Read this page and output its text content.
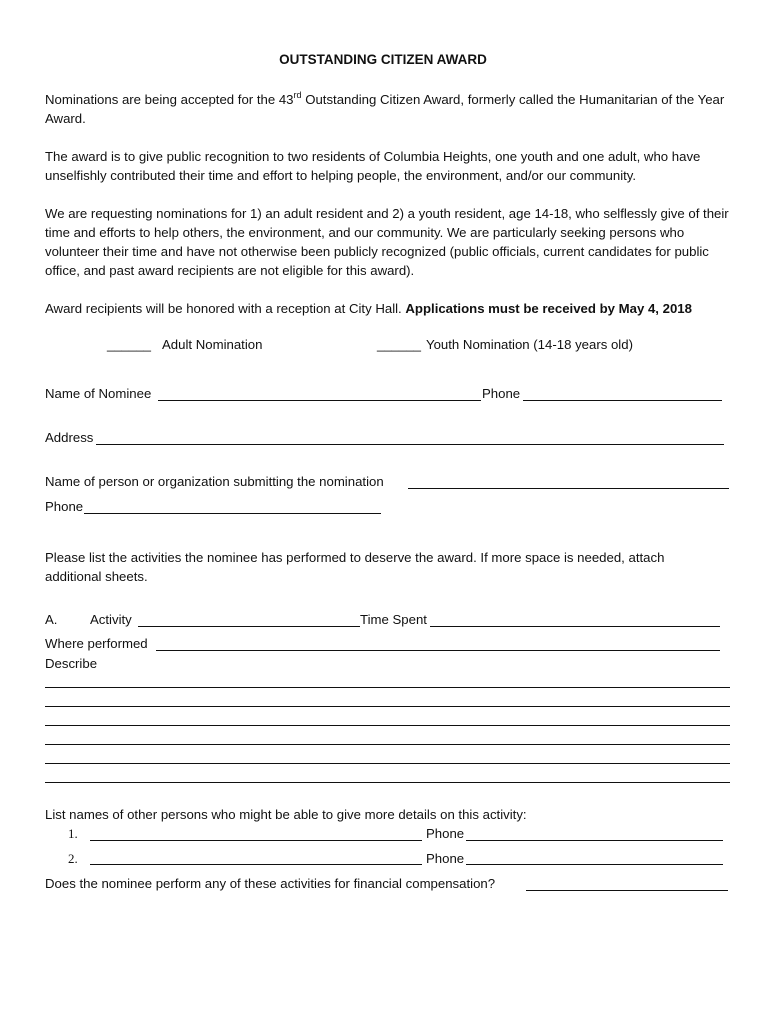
OUTSTANDING CITIZEN AWARD
Nominations are being accepted for the 43rd Outstanding Citizen Award, formerly called the Humanitarian of the Year Award.
The award is to give public recognition to two residents of Columbia Heights, one youth and one adult, who have unselfishly contributed their time and effort to helping people, the environment, and/or our community.
We are requesting nominations for 1) an adult resident and 2) a youth resident, age 14-18, who selflessly give of their time and efforts to help others, the environment, and our community. We are particularly seeking persons who volunteer their time and have not otherwise been publicly recognized (public officials, current candidates for public office, and past award recipients are not eligible for this award).
Award recipients will be honored with a reception at City Hall. Applications must be received by May 4, 2018
______ Adult Nomination	______ Youth Nomination (14-18 years old)
Name of Nominee	Phone
Address
Name of person or organization submitting the nomination
Phone
Please list the activities the nominee has performed to deserve the award. If more space is needed, attach additional sheets.
A. Activity	Time Spent
Where performed
Describe
List names of other persons who might be able to give more details on this activity:
1.	Phone
2.	Phone
Does the nominee perform any of these activities for financial compensation?
